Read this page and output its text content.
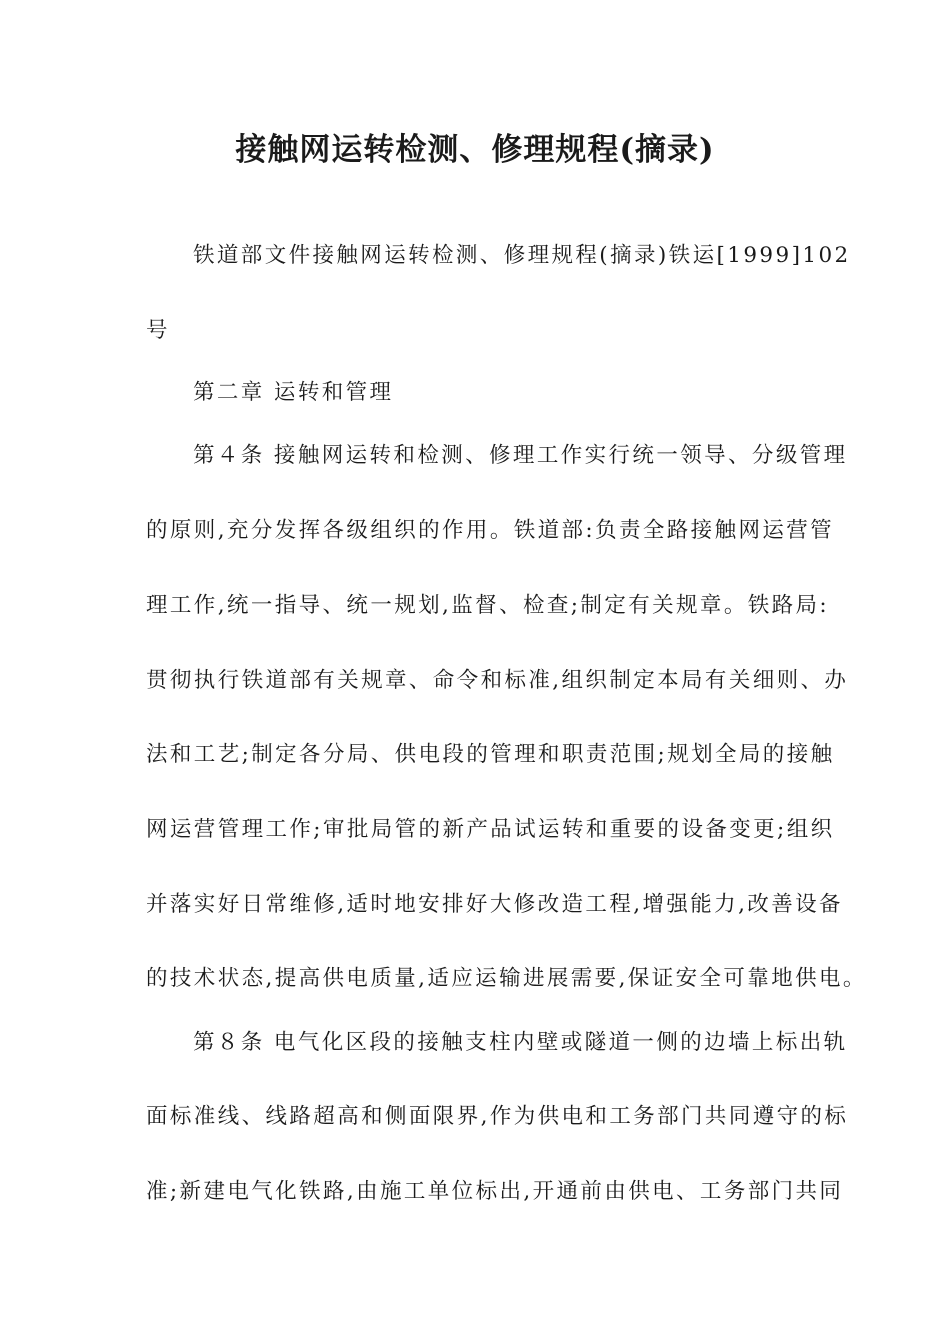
接触网运转检测、修理规程(摘录)

铁道部文件接触网运转检测、修理规程(摘录)铁运[1999]102

号

第二章 运转和管理

第４条 接触网运转和检测、修理工作实行统一领导、分级管理

的原则,充分发挥各级组织的作用。铁道部:负责全路接触网运营管

理工作,统一指导、统一规划,监督、检查;制定有关规章。铁路局:

贯彻执行铁道部有关规章、命令和标准,组织制定本局有关细则、办

法和工艺;制定各分局、供电段的管理和职责范围;规划全局的接触

网运营管理工作;审批局管的新产品试运转和重要的设备变更;组织

并落实好日常维修,适时地安排好大修改造工程,增强能力,改善设备

的技术状态,提高供电质量,适应运输进展需要,保证安全可靠地供电。

第８条 电气化区段的接触支柱内壁或隧道一侧的边墙上标出轨

面标准线、线路超高和侧面限界,作为供电和工务部门共同遵守的标

准;新建电气化铁路,由施工单位标出,开通前由供电、工务部门共同
